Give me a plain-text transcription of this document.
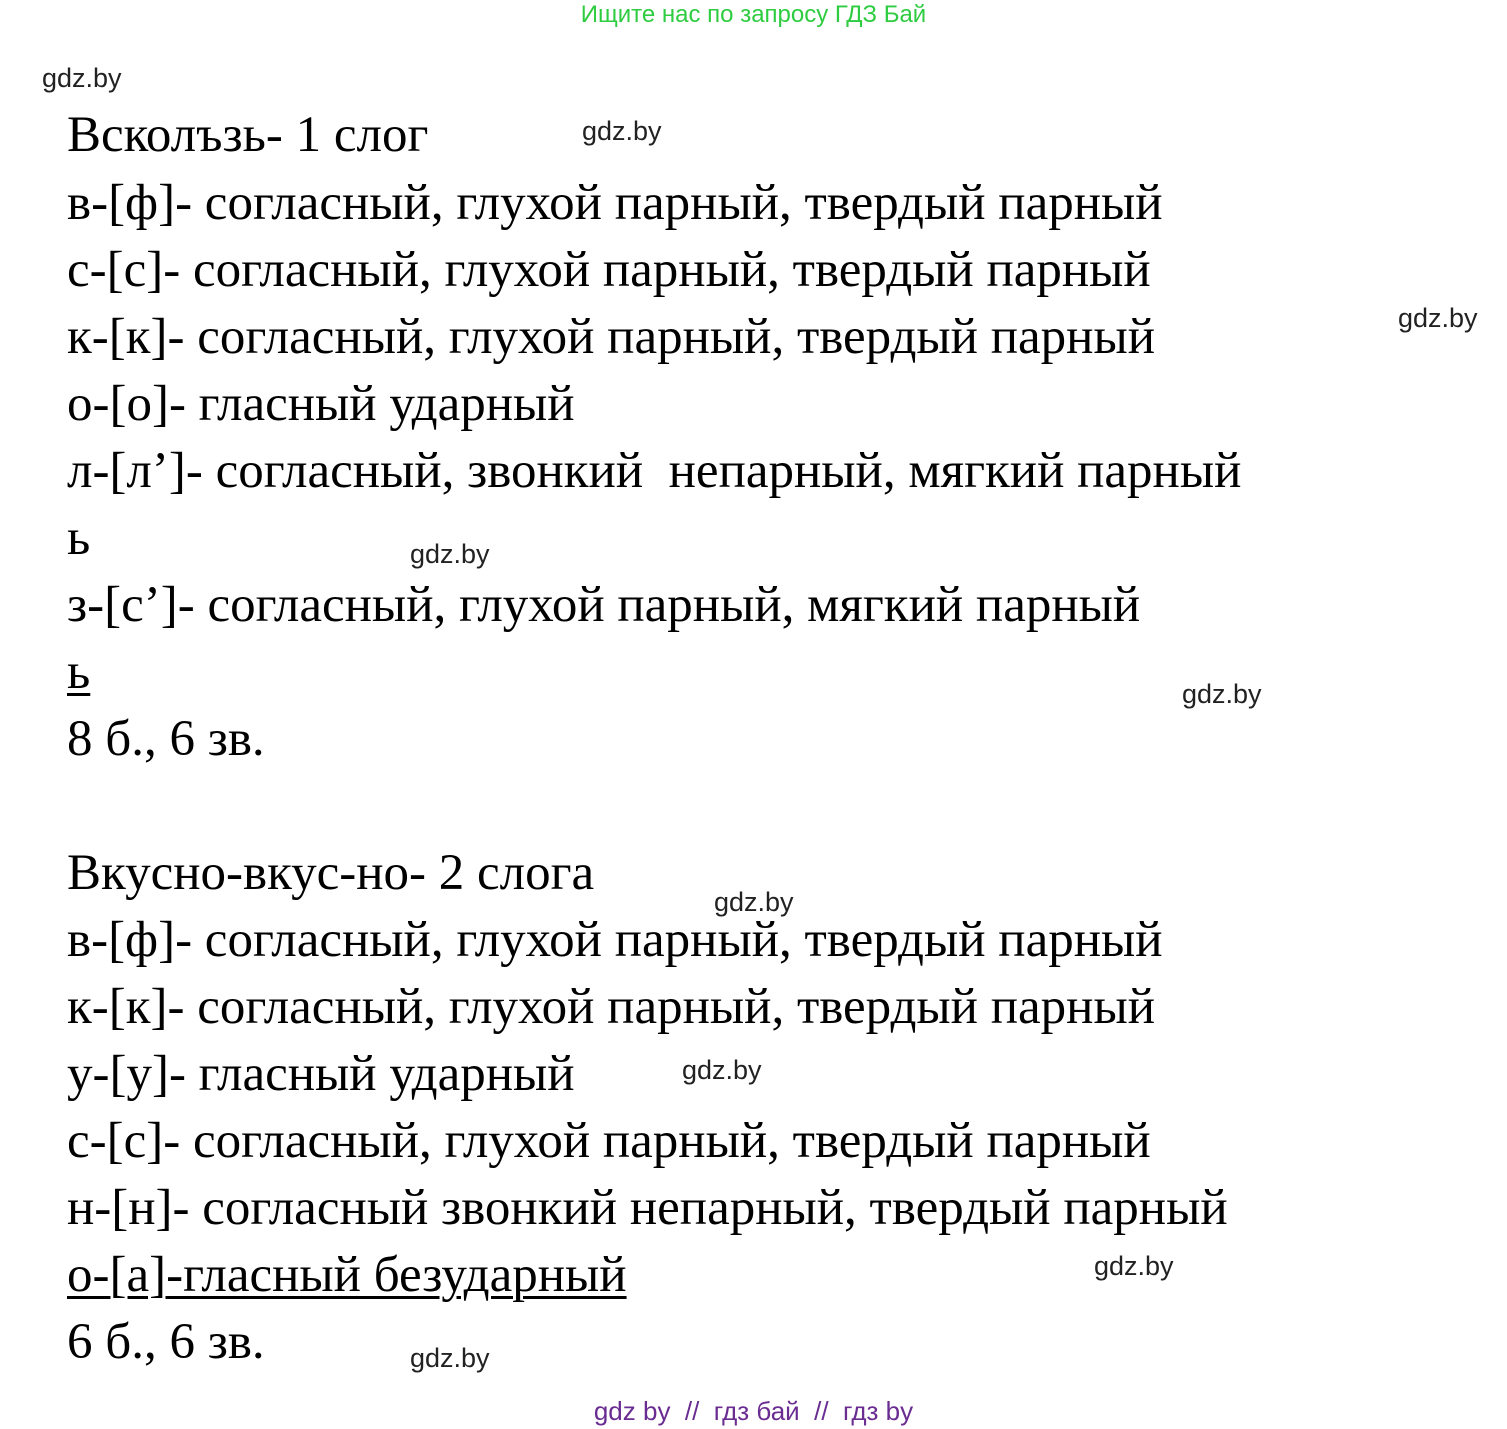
Ищите нас по запросу ГДЗ Бай
gdz.by
gdz.by
gdz.by
gdz.by
gdz.by
gdz.by
gdz.by
gdz.by
gdz.by
Всколъзь- 1 слог
в-[ф]- согласный, глухой парный, твердый парный
с-[с]- согласный, глухой парный, твердый парный
к-[к]- согласный, глухой парный, твердый парный
о-[о]- гласный ударный
л-[л’]- согласный, звонкий  непарный, мягкий парный
ь
з-[с’]- согласный, глухой парный, мягкий парный
ь
8 б., 6 зв.
Вкусно-вкус-но- 2 слога
в-[ф]- согласный, глухой парный, твердый парный
к-[к]- согласный, глухой парный, твердый парный
у-[у]- гласный ударный
с-[с]- согласный, глухой парный, твердый парный
н-[н]- согласный звонкий непарный, твердый парный
о-[а]-гласный безударный
6 б., 6 зв.
gdz by  //  гдз бай  //  гдз by
